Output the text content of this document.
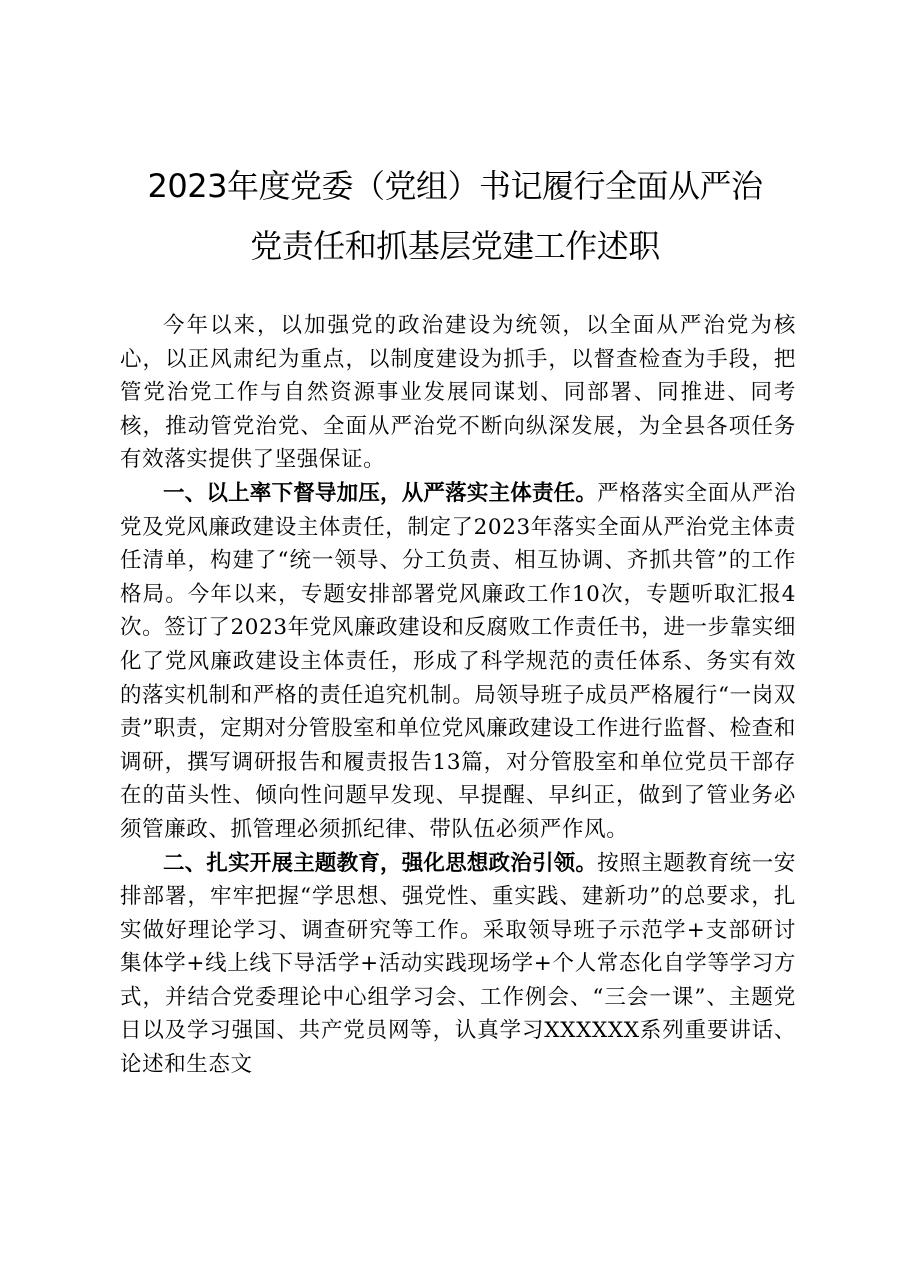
2023年度党委（党组）书记履行全面从严治
党责任和抓基层党建工作述职

今年以来，以加强党的政治建设为统领，以全面从严治党为核心，以正风肃纪为重点，以制度建设为抓手，以督查检查为手段，把管党治党工作与自然资源事业发展同谋划、同部署、同推进、同考核，推动管党治党、全面从严治党不断向纵深发展，为全县各项任务有效落实提供了坚强保证。

一、以上率下督导加压，从严落实主体责任。严格落实全面从严治党及党风廉政建设主体责任，制定了2023年落实全面从严治党主体责任清单，构建了“统一领导、分工负责、相互协调、齐抓共管”的工作格局。今年以来，专题安排部署党风廉政工作10次，专题听取汇报4次。签订了2023年党风廉政建设和反腐败工作责任书，进一步靠实细化了党风廉政建设主体责任，形成了科学规范的责任体系、务实有效的落实机制和严格的责任追究机制。局领导班子成员严格履行“一岗双责”职责，定期对分管股室和单位党风廉政建设工作进行监督、检查和调研，撰写调研报告和履责报告13篇，对分管股室和单位党员干部存在的苗头性、倾向性问题早发现、早提醒、早纠正，做到了管业务必须管廉政、抓管理必须抓纪律、带队伍必须严作风。

二、扎实开展主题教育，强化思想政治引领。按照主题教育统一安排部署，牢牢把握“学思想、强党性、重实践、建新功”的总要求，扎实做好理论学习、调查研究等工作。采取领导班子示范学+支部研讨集体学+线上线下导活学+活动实践现场学+个人常态化自学等学习方式，并结合党委理论中心组学习会、工作例会、“三会一课”、主题党日以及学习强国、共产党员网等，认真学习XXXXXX系列重要讲话、论述和生态文
